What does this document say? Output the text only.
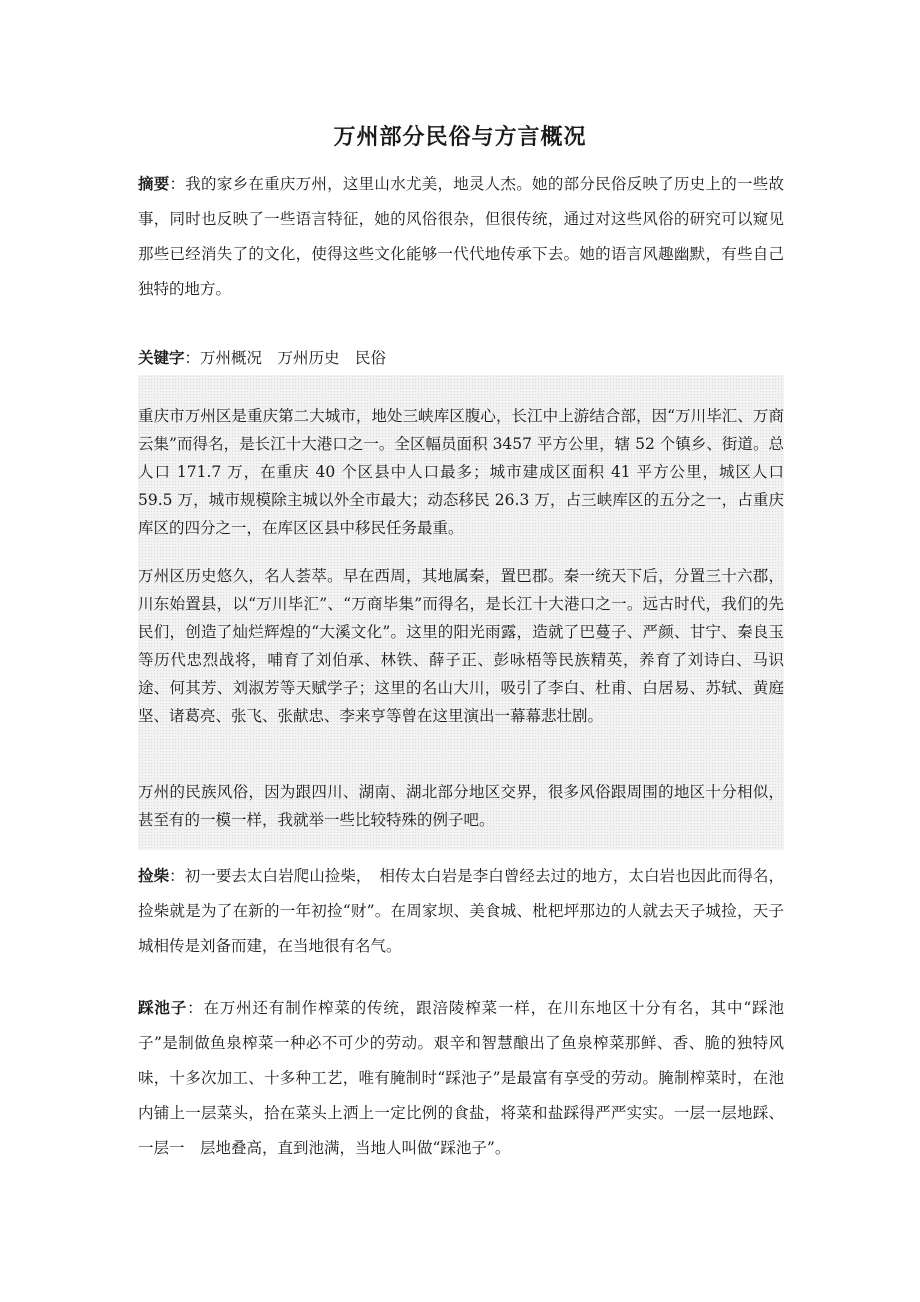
万州部分民俗与方言概况

摘要：我的家乡在重庆万州，这里山水尤美，地灵人杰。她的部分民俗反映了历史上的一些故事，同时也反映了一些语言特征，她的风俗很杂，但很传统，通过对这些风俗的研究可以窥见那些已经消失了的文化，使得这些文化能够一代代地传承下去。她的语言风趣幽默，有些自己独特的地方。

关键字：万州概况　万州历史　民俗

重庆市万州区是重庆第二大城市，地处三峡库区腹心，长江中上游结合部，因“万川毕汇、万商云集”而得名，是长江十大港口之一。全区幅员面积 3457 平方公里，辖 52 个镇乡、街道。总人口 171.7 万，在重庆 40 个区县中人口最多；城市建成区面积 41 平方公里，城区人口 59.5 万，城市规模除主城以外全市最大；动态移民 26.3 万，占三峡库区的五分之一，占重庆库区的四分之一，在库区区县中移民任务最重。

万州区历史悠久，名人荟萃。早在西周，其地属秦，置巴郡。秦一统天下后，分置三十六郡，川东始置县，以“万川毕汇”、“万商毕集”而得名，是长江十大港口之一。远古时代，我们的先民们，创造了灿烂辉煌的“大溪文化”。这里的阳光雨露，造就了巴蔓子、严颜、甘宁、秦良玉等历代忠烈战将，哺育了刘伯承、林铁、薛子正、彭咏梧等民族精英，养育了刘诗白、马识途、何其芳、刘淑芳等天赋学子；这里的名山大川，吸引了李白、杜甫、白居易、苏轼、黄庭坚、诸葛亮、张飞、张献忠、李来亨等曾在这里演出一幕幕悲壮剧。

万州的民族风俗，因为跟四川、湖南、湖北部分地区交界，很多风俗跟周围的地区十分相似，甚至有的一模一样，我就举一些比较特殊的例子吧。

捡柴：初一要去太白岩爬山捡柴，　相传太白岩是李白曾经去过的地方，太白岩也因此而得名，捡柴就是为了在新的一年初捡“财”。在周家坝、美食城、枇杷坪那边的人就去天子城捡，天子城相传是刘备而建，在当地很有名气。

踩池子：在万州还有制作榨菜的传统，跟涪陵榨菜一样，在川东地区十分有名，其中“踩池子”是制做鱼泉榨菜一种必不可少的劳动。艰辛和智慧酿出了鱼泉榨菜那鲜、香、脆的独特风味，十多次加工、十多种工艺，唯有腌制时“踩池子”是最富有享受的劳动。腌制榨菜时，在池内铺上一层菜头，拾在菜头上洒上一定比例的食盐，将菜和盐踩得严严实实。一层一层地踩、一层一　层地叠高，直到池满，当地人叫做“踩池子”。
